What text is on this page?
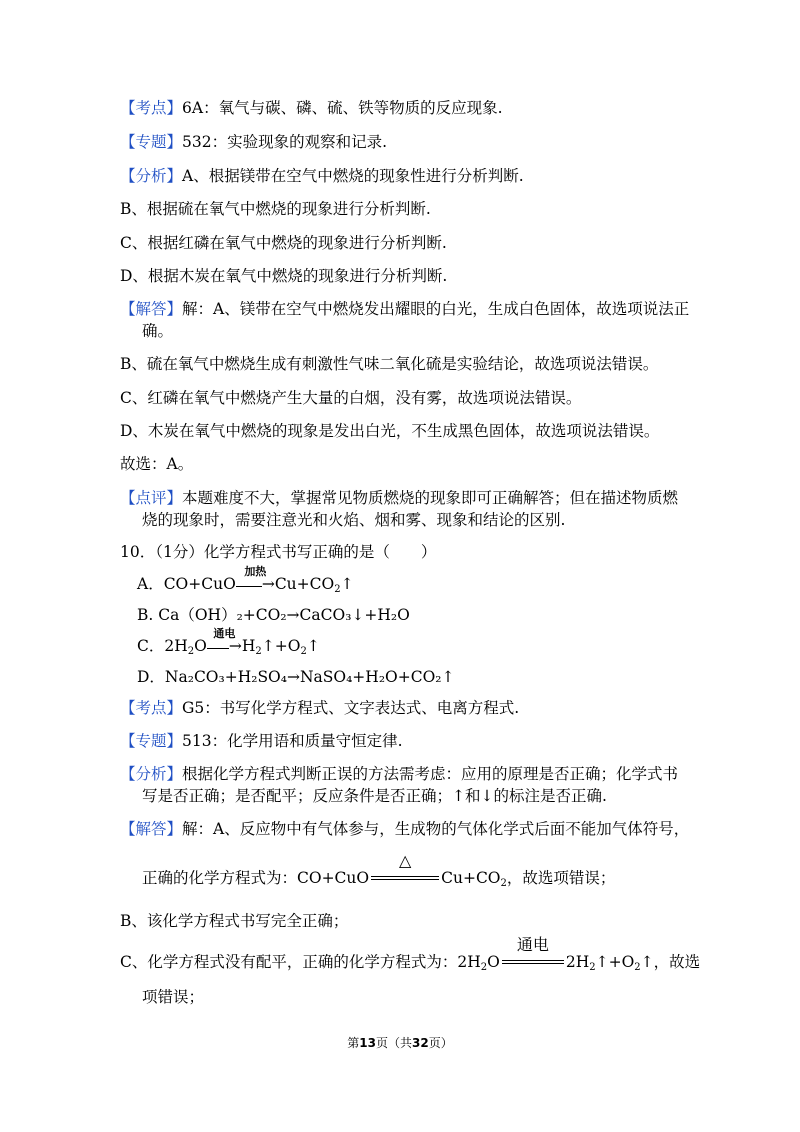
【考点】6A：氧气与碳、磷、硫、铁等物质的反应现象.
【专题】532：实验现象的观察和记录.
【分析】A、根据镁带在空气中燃烧的现象性进行分析判断.
B、根据硫在氧气中燃烧的现象进行分析判断.
C、根据红磷在氧气中燃烧的现象进行分析判断.
D、根据木炭在氧气中燃烧的现象进行分析判断.
【解答】解：A、镁带在空气中燃烧发出耀眼的白光，生成白色固体，故选项说法正
确。
B、硫在氧气中燃烧生成有刺激性气味二氧化硫是实验结论，故选项说法错误。
C、红磷在氧气中燃烧产生大量的白烟，没有雾，故选项说法错误。
D、木炭在氧气中燃烧的现象是发出白光，不生成黑色固体，故选项说法错误。
故选：A。
【点评】本题难度不大，掌握常见物质燃烧的现象即可正确解答；但在描述物质燃
烧的现象时，需要注意光和火焰、烟和雾、现象和结论的区别.
10．（1分）化学方程式书写正确的是（　　）
A．CO+CuO
加热
$\to Cu+CO_2↑$
B. Ca（OH）₂+CO₂→CaCO₃↓+H₂O
C．$2H_2O$
通电
$\to H_2↑+O_2↑$
D．Na₂CO₃+H₂SO₄→NaSO₄+H₂O+CO₂↑
【考点】G5：书写化学方程式、文字表达式、电离方程式.
【专题】513：化学用语和质量守恒定律.
【分析】根据化学方程式判断正误的方法需考虑：应用的原理是否正确；化学式书
写是否正确；是否配平；反应条件是否正确；↑和↓的标注是否正确.
【解答】解：A、反应物中有气体参与，生成物的气体化学式后面不能加气体符号，
正确的化学方程式为：CO+CuO
△
$Cu+CO_2$，故选项错误；
B、该化学方程式书写完全正确；
C、化学方程式没有配平，正确的化学方程式为：$2H_2O$
通电
$2H_2↑+O_2↑$，故选
项错误；
第13页（共32页）
